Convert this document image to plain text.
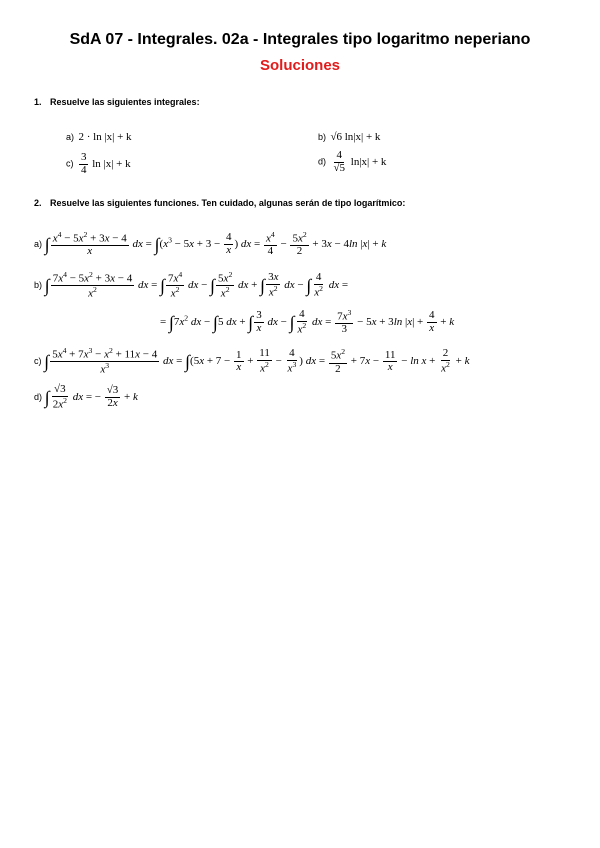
SdA 07 - Integrales. 02a - Integrales tipo logaritmo neperiano
Soluciones
1. Resuelve las siguientes integrales:
a) 2 · ln |x| + k	b) √6 ln|x| + k
$c) \frac{3}{4}$ ln |x| + k	$d) \frac{4}{√5} \ln|x| + k$
2. Resuelve las siguientes funciones. Ten cuidado, algunas serán de tipo logarítmico:
a) ∫ $\frac{x^4 - 5x^2 + 3x - 4}{x}$ dx = $\int(x^3 - 5x + 3 - \frac{4}{x}$ ) dx = $\frac{x^4}{4} - \frac{5x^2}{2} + 3x - 4\ln$ |x| + k
b) ∫ $\frac{7x^4 - 5x^2 + 3x - 4}{x^2}$ dx = ∫ $\frac{7x^4}{x^2}$ dx − ∫ $\frac{5x^2}{x^2}$ dx + ∫ $\frac{3x}{x^2}$ dx − ∫ $\frac{4}{x^2}$ dx =
= $\int 7x^2$ dx − ∫5 dx + ∫ $\frac{3}{x}$ dx − ∫ $\frac{4}{x^2}$ dx = $\frac{7x^3}{3} - 5x + 3\ln$ $|x| + \frac{4}{x} + k$
c) ∫ $\frac{5x^4 + 7x^3 - x^2 + 11x - 4}{x^3}$ dx = $\int(5x + 7 - \frac{1}{x} + \frac{11}{x^2} - \frac{4}{x^3}$ ) dx = $\frac{5x^2}{2} + 7x - \frac{11}{x} - \ln x + \frac{2}{x^2} + k$
d) ∫ $\frac{√3}{2x^2}$ dx = − $\frac{√3}{2x} + k$
